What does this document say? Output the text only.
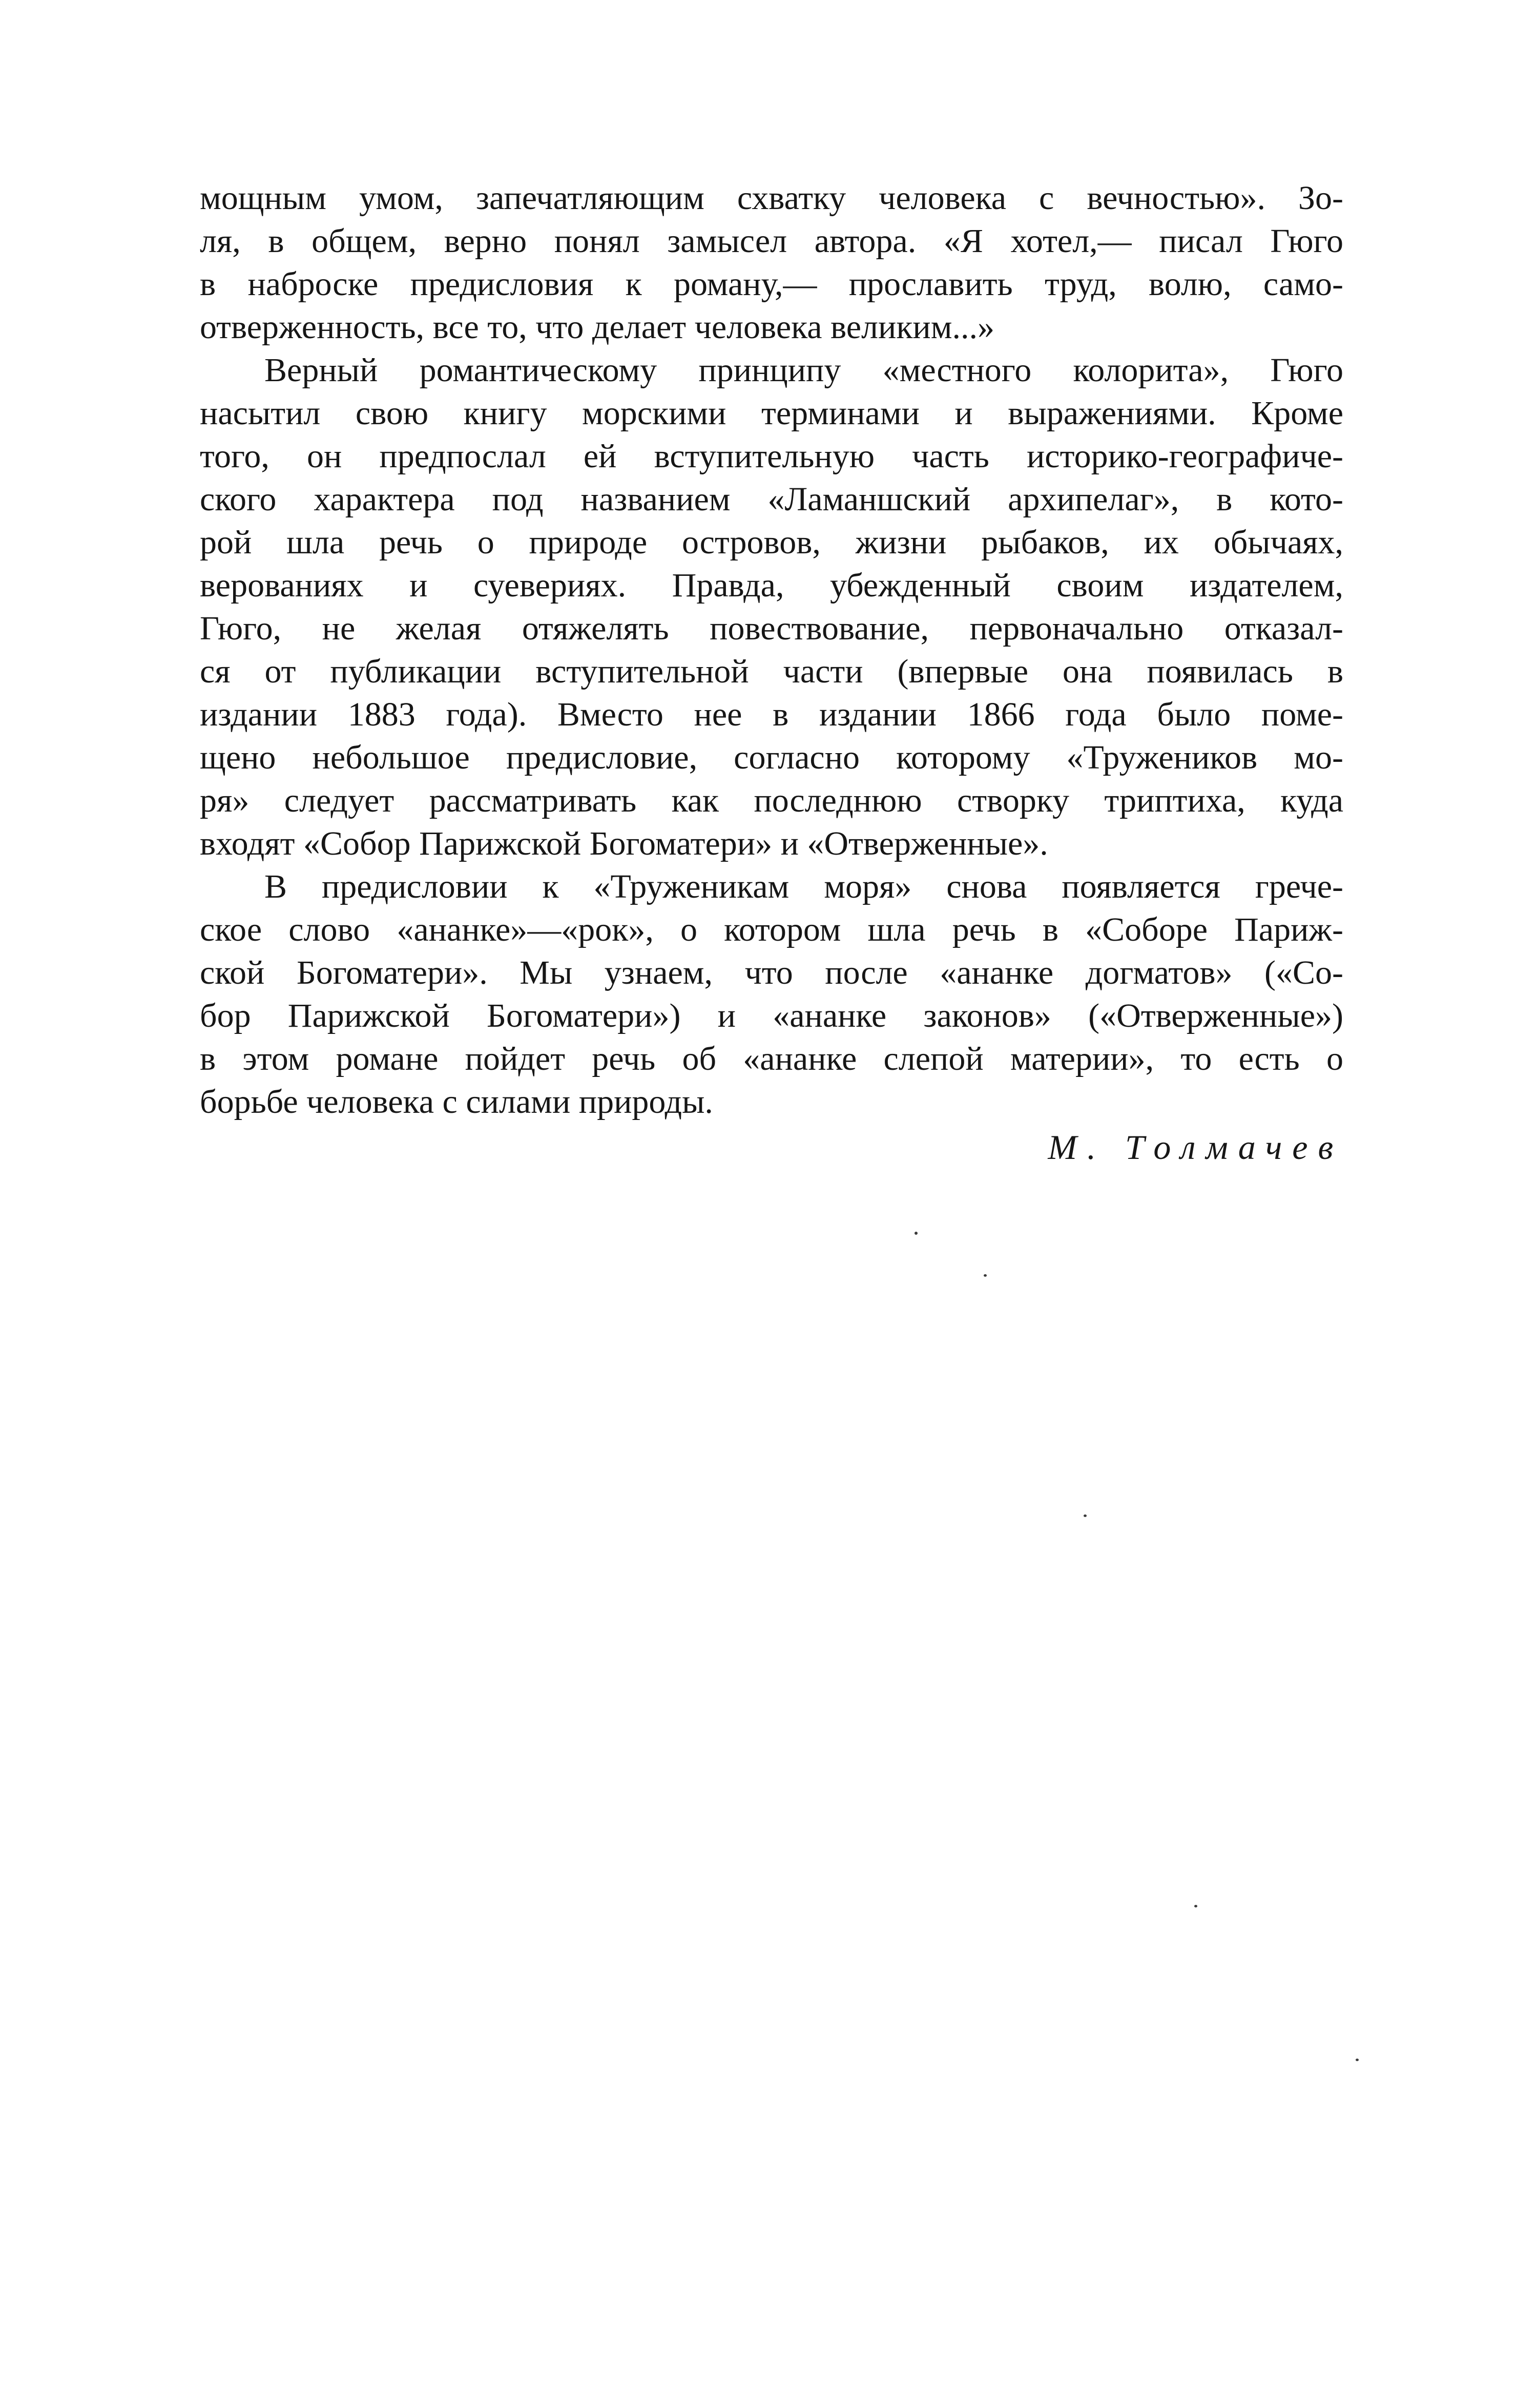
мощным умом, запечатляющим схватку человека с вечностью». Зо-
ля, в общем, верно понял замысел автора. «Я хотел,— писал Гюго
в наброске предисловия к роману,— прославить труд, волю, само-
отверженность, все то, что делает человека великим...»

Верный романтическому принципу «местного колорита», Гюго
насытил свою книгу морскими терминами и выражениями. Кроме
того, он предпослал ей вступительную часть историко-географиче-
ского характера под названием «Ламаншский архипелаг», в кото-
рой шла речь о природе островов, жизни рыбаков, их обычаях,
верованиях и суевериях. Правда, убежденный своим издателем,
Гюго, не желая отяжелять повествование, первоначально отказал-
ся от публикации вступительной части (впервые она появилась в
издании 1883 года). Вместо нее в издании 1866 года было поме-
щено небольшое предисловие, согласно которому «Тружеников мо-
ря» следует рассматривать как последнюю створку триптиха, куда
входят «Собор Парижской Богоматери» и «Отверженные».

В предисловии к «Труженикам моря» снова появляется грече-
ское слово «ананке»—«рок», о котором шла речь в «Соборе Париж-
ской Богоматери». Мы узнаем, что после «ананке догматов» («Со-
бор Парижской Богоматери») и «ананке законов» («Отверженные»)
в этом романе пойдет речь об «ананке слепой материи», то есть о
борьбе человека с силами природы.

М. Толмачев
